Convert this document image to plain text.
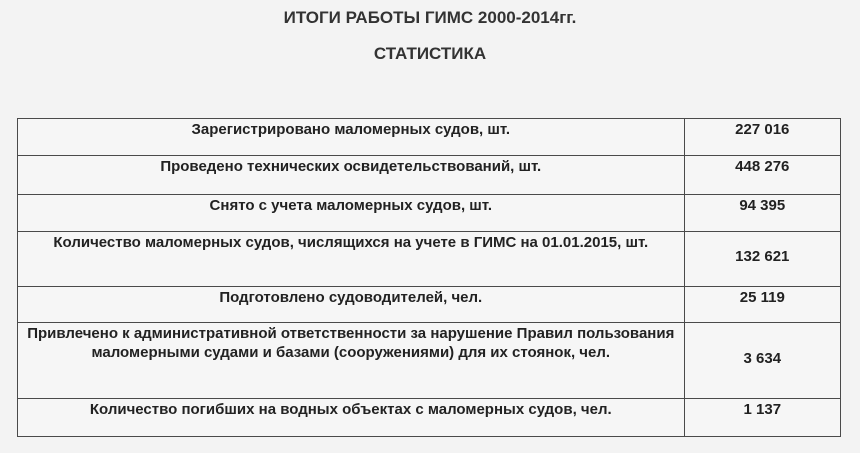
ИТОГИ РАБОТЫ ГИМС 2000-2014гг.
СТАТИСТИКА
Зарегистрировано маломерных судов, шт.	227 016
Проведено технических освидетельствований, шт.	448 276
Снято с учета маломерных судов, шт.	94 395
Количество маломерных судов, числящихся на учете в ГИМС на 01.01.2015, шт.	132 621
Подготовлено судоводителей, чел.	25 119
Привлечено к административной ответственности за нарушение Правил пользования маломерными судами и базами (сооружениями) для их стоянок, чел.	3 634
Количество погибших на водных объектах с маломерных судов, чел.	1 137
